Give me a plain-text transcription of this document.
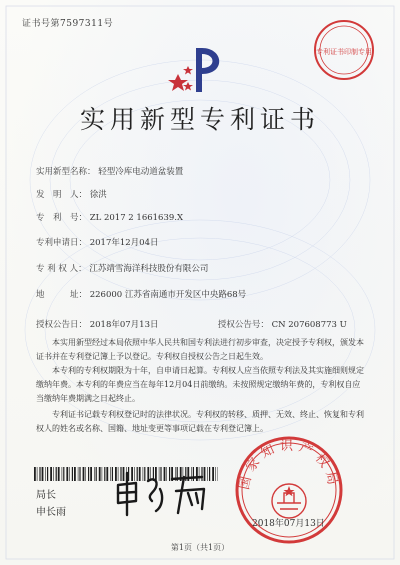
证书号第7597311号
专利证书印制专用
实用新型专利证书
实用新型名称： 轻型冷库电动道盆装置
发　明　人： 徐洪
专　利　号： ZL 2017 2 1661639.X
专利申请日： 2017年12月04日
专 利 权 人： 江苏靖雪海洋科技股份有限公司
地　　　址： 226000 江苏省南通市开发区中央路68号
授权公告日： 2018年07月13日	授权公告号： CN 207608773 U
本实用新型经过本局依照中华人民共和国专利法进行初步审查，决定授予专利权，颁发本证书并在专利登记簿上予以登记。专利权自授权公告之日起生效。
本专利的专利权期限为十年，自申请日起算。专利权人应当依照专利法及其实施细则规定缴纳年费。本专利的年费应当在每年12月04日前缴纳。未按照规定缴纳年费的，专利权自应当缴纳年费期满之日起终止。
专利证书记载专利权登记时的法律状况。专利权的转移、质押、无效、终止、恢复和专利权人的姓名或名称、国籍、地址变更等事项记载在专利登记簿上。
局长
申长雨
国家知识产权局
2018年07月13日
第1页（共1页）
